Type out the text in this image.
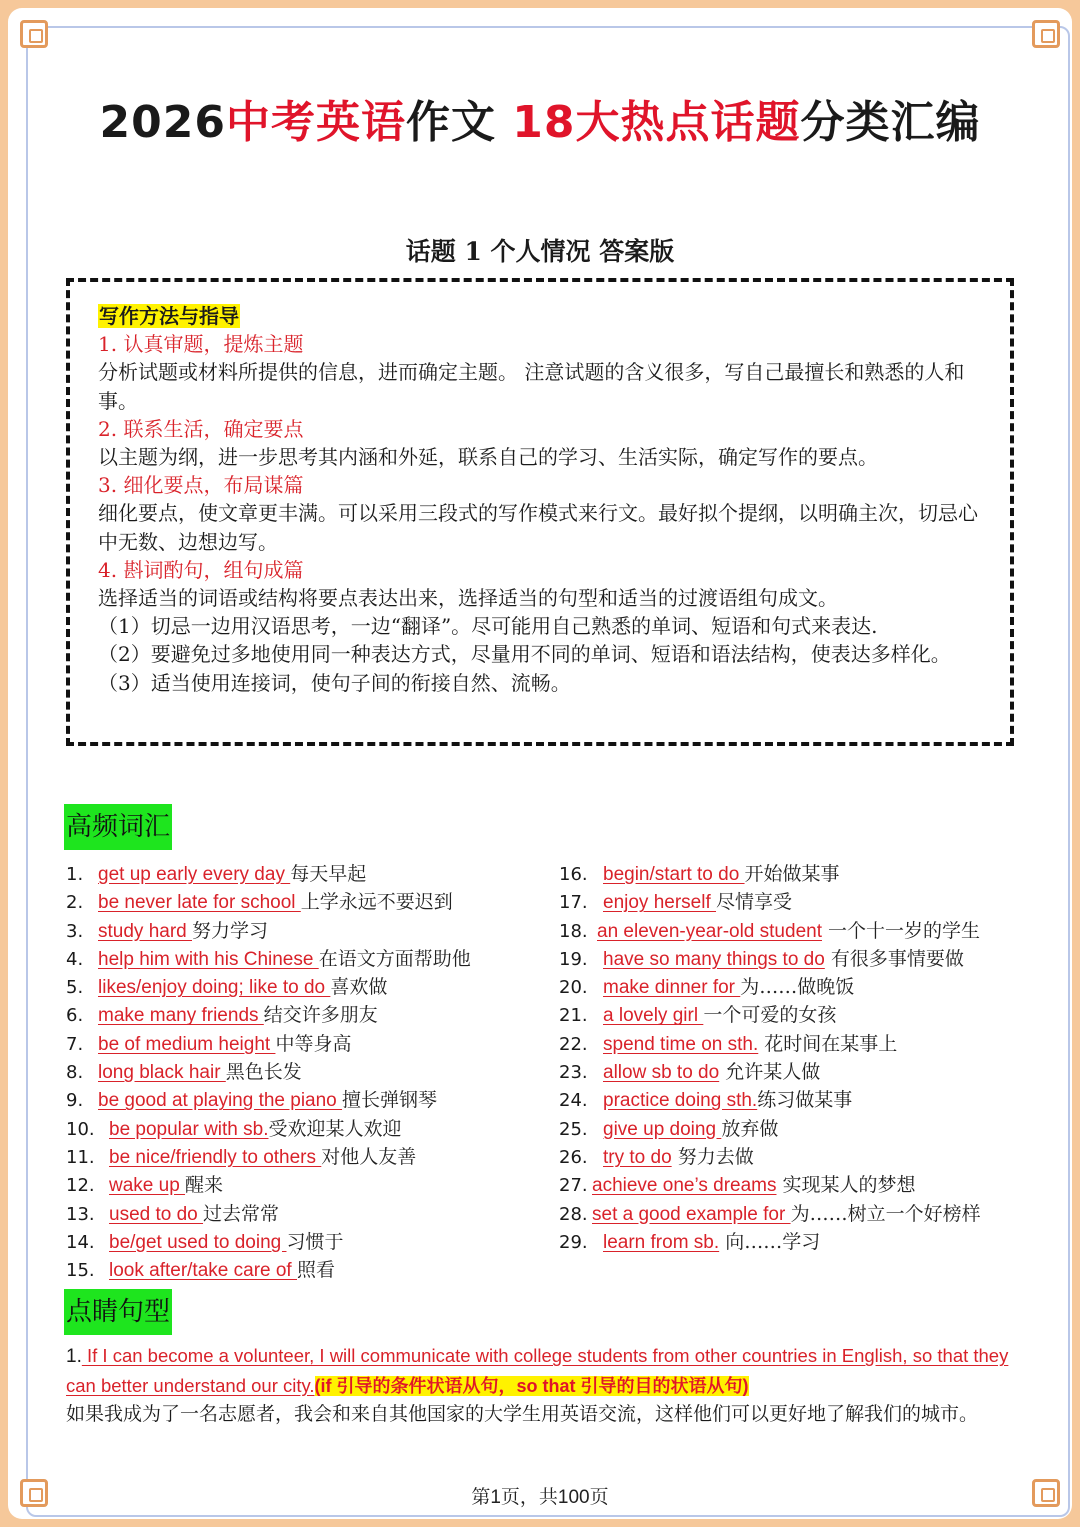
2026中考英语作文 18大热点话题分类汇编
话题 1 个人情况 答案版

写作方法与指导

1. 认真审题，提炼主题

分析试题或材料所提供的信息，进而确定主题。 注意试题的含义很多，写自己最擅长和熟悉的人和事。

2. 联系生活，确定要点

以主题为纲，进一步思考其内涵和外延，联系自己的学习、生活实际，确定写作的要点。

3. 细化要点，布局谋篇

细化要点，使文章更丰满。可以采用三段式的写作模式来行文。最好拟个提纲，以明确主次，切忌心中无数、边想边写。

4. 斟词酌句，组句成篇

选择适当的词语或结构将要点表达出来，选择适当的句型和适当的过渡语组句成文。

（1）切忌一边用汉语思考，一边“翻译”。尽可能用自己熟悉的单词、短语和句式来表达.

（2）要避免过多地使用同一种表达方式，尽量用不同的单词、短语和语法结构，使表达多样化。

（3）适当使用连接词，使句子间的衔接自然、流畅。

高频词汇
1. get up early every day 每天早起
2. be never late for school 上学永远不要迟到
3. study hard 努力学习
4. help him with his Chinese 在语文方面帮助他
5. likes/enjoy doing; like to do 喜欢做
6. make many friends 结交许多朋友
7. be of medium height 中等身高
8. long black hair 黑色长发
9. be good at playing the piano 擅长弹钢琴
10. be popular with sb.受欢迎某人欢迎
11. be nice/friendly to others 对他人友善
12. wake up 醒来
13. used to do 过去常常
14. be/get used to doing 习惯于
15. look after/take care of 照看
16. begin/start to do 开始做某事
17. enjoy herself 尽情享受
18. an eleven-year-old student 一个十一岁的学生
19. have so many things to do 有很多事情要做
20. make dinner for 为……做晚饭
21. a lovely girl 一个可爱的女孩
22. spend time on sth. 花时间在某事上
23. allow sb to do 允许某人做
24. practice doing sth.练习做某事
25. give up doing 放弃做
26. try to do 努力去做
27. achieve one’s dreams 实现某人的梦想
28. set a good example for 为……树立一个好榜样
29. learn from sb. 向……学习
点睛句型
1. If I can become a volunteer, I will communicate with college students from other countries in English, so that they can better understand our city.(if 引导的条件状语从句，so that 引导的目的状语从句)
如果我成为了一名志愿者，我会和来自其他国家的大学生用英语交流，这样他们可以更好地了解我们的城市。
第1页，共100页
